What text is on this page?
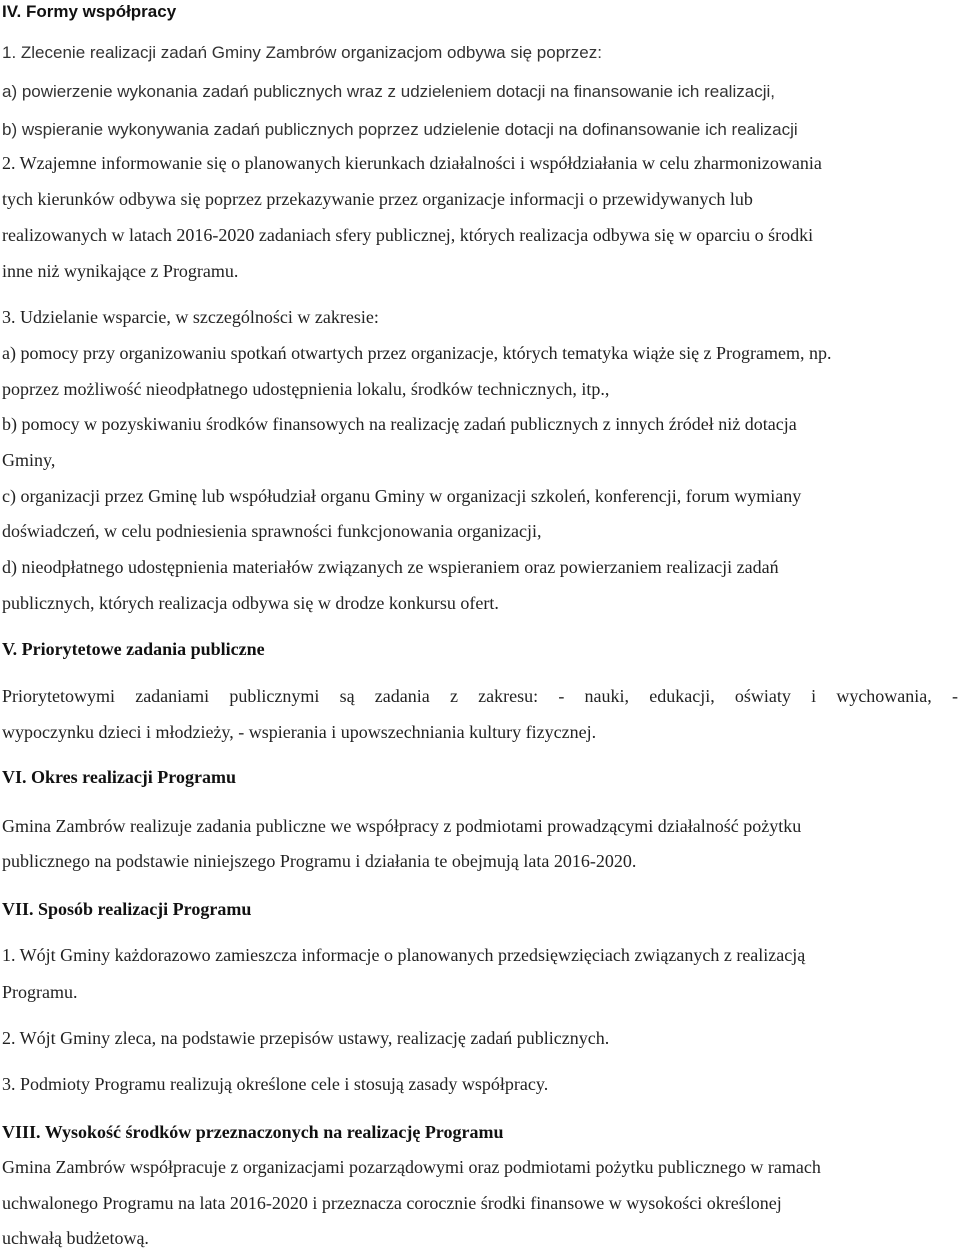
IV. Formy współpracy
1. Zlecenie realizacji zadań Gminy Zambrów organizacjom odbywa się poprzez:
a) powierzenie wykonania zadań publicznych wraz z udzieleniem dotacji na finansowanie ich realizacji,
b) wspieranie wykonywania zadań publicznych poprzez udzielenie dotacji na dofinansowanie ich realizacji
2. Wzajemne informowanie się o planowanych kierunkach działalności i współdziałania w celu zharmonizowania
tych kierunków odbywa się poprzez przekazywanie przez organizacje informacji o przewidywanych lub
realizowanych w latach 2016-2020 zadaniach sfery publicznej, których realizacja odbywa się w oparciu o środki
inne niż wynikające z Programu.
3. Udzielanie wsparcie, w szczególności w zakresie:
a) pomocy przy organizowaniu spotkań otwartych przez organizacje, których tematyka wiąże się z Programem, np.
poprzez możliwość nieodpłatnego udostępnienia lokalu, środków technicznych, itp.,
b) pomocy w pozyskiwaniu środków finansowych na realizację zadań publicznych z innych źródeł niż dotacja
Gminy,
c) organizacji przez Gminę lub współudział organu Gminy w organizacji szkoleń, konferencji, forum wymiany
doświadczeń, w celu podniesienia sprawności funkcjonowania organizacji,
d) nieodpłatnego udostępnienia materiałów związanych ze wspieraniem oraz powierzaniem realizacji zadań
publicznych, których realizacja odbywa się w drodze konkursu ofert.
V. Priorytetowe zadania publiczne
Priorytetowymi zadaniami publicznymi są zadania z zakresu: - nauki, edukacji, oświaty i wychowania, -
wypoczynku dzieci i młodzieży, - wspierania i upowszechniania kultury fizycznej.
VI. Okres realizacji Programu
Gmina Zambrów realizuje zadania publiczne we współpracy z podmiotami prowadzącymi działalność pożytku
publicznego na podstawie niniejszego Programu i działania te obejmują lata 2016-2020.
VII. Sposób realizacji Programu
1. Wójt Gminy każdorazowo zamieszcza informacje o planowanych przedsięwzięciach związanych z realizacją
Programu.
2. Wójt Gminy zleca, na podstawie przepisów ustawy, realizację zadań publicznych.
3. Podmioty Programu realizują określone cele i stosują zasady współpracy.
VIII. Wysokość środków przeznaczonych na realizację Programu
Gmina Zambrów współpracuje z organizacjami pozarządowymi oraz podmiotami pożytku publicznego w ramach
uchwalonego Programu na lata 2016-2020 i przeznacza corocznie środki finansowe w wysokości określonej
uchwałą budżetową.
